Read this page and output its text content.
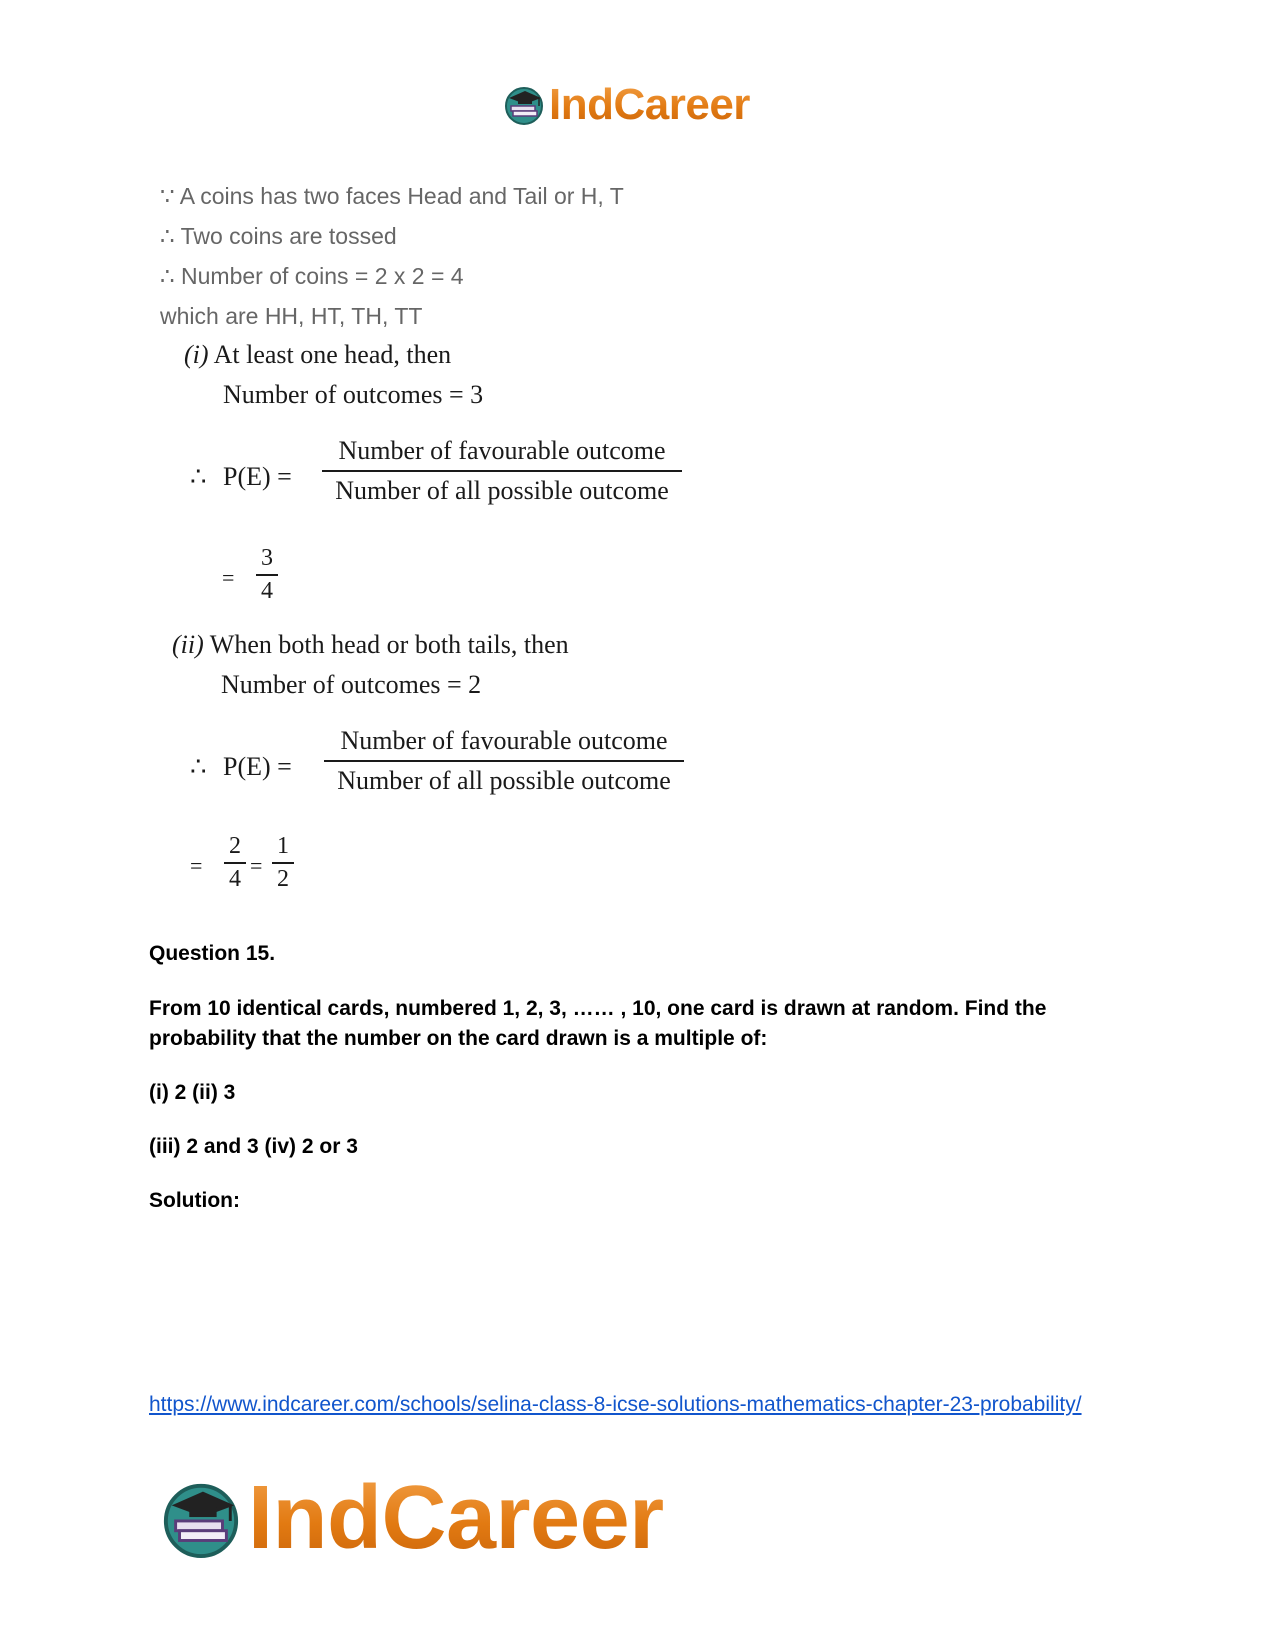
IndCareer

∵ A coins has two faces Head and Tail or H, T

∴ Two coins are tossed

∴ Number of coins = 2 x 2 = 4

which are HH, HT, TH, TT

(i) At least one head, then

Number of outcomes = 3

∴ P(E) =

Number of favourable outcome
Number of all possible outcome

=

3
4

(ii) When both head or both tails, then

Number of outcomes = 2

∴ P(E) =

Number of favourable outcome
Number of all possible outcome

=

2
4

=

1
2

Question 15.

From 10 identical cards, numbered 1, 2, 3, …… , 10, one card is drawn at random. Find the probability that the number on the card drawn is a multiple of:

(i) 2 (ii) 3

(iii) 2 and 3 (iv) 2 or 3

Solution:

https://www.indcareer.com/schools/selina-class-8-icse-solutions-mathematics-chapter-23-probability/
IndCareer
